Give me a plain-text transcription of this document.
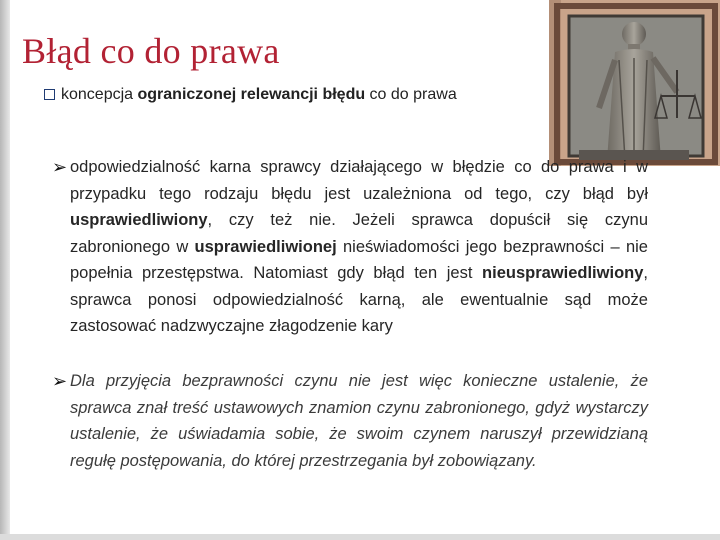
Błąd co do prawa
koncepcja ograniczonej relewancji błędu co do prawa
➢ odpowiedzialność karna sprawcy działającego w błędzie co do prawa i w przypadku tego rodzaju błędu jest uzależniona od tego, czy błąd był usprawiedliwiony, czy też nie. Jeżeli sprawca dopuścił się czynu zabronionego w usprawiedliwionej nieświadomości jego bezprawności – nie popełnia przestępstwa. Natomiast gdy błąd ten jest nieusprawiedliwiony, sprawca ponosi odpowiedzialność karną, ale ewentualnie sąd może zastosować nadzwyczajne złagodzenie kary

➢ Dla przyjęcia bezprawności czynu nie jest więc konieczne ustalenie, że sprawca znał treść ustawowych znamion czynu zabronionego, gdyż wystarczy ustalenie, że uświadamia sobie, że swoim czynem naruszył przewidzianą regułę postępowania, do której przestrzegania był zobowiązany.
